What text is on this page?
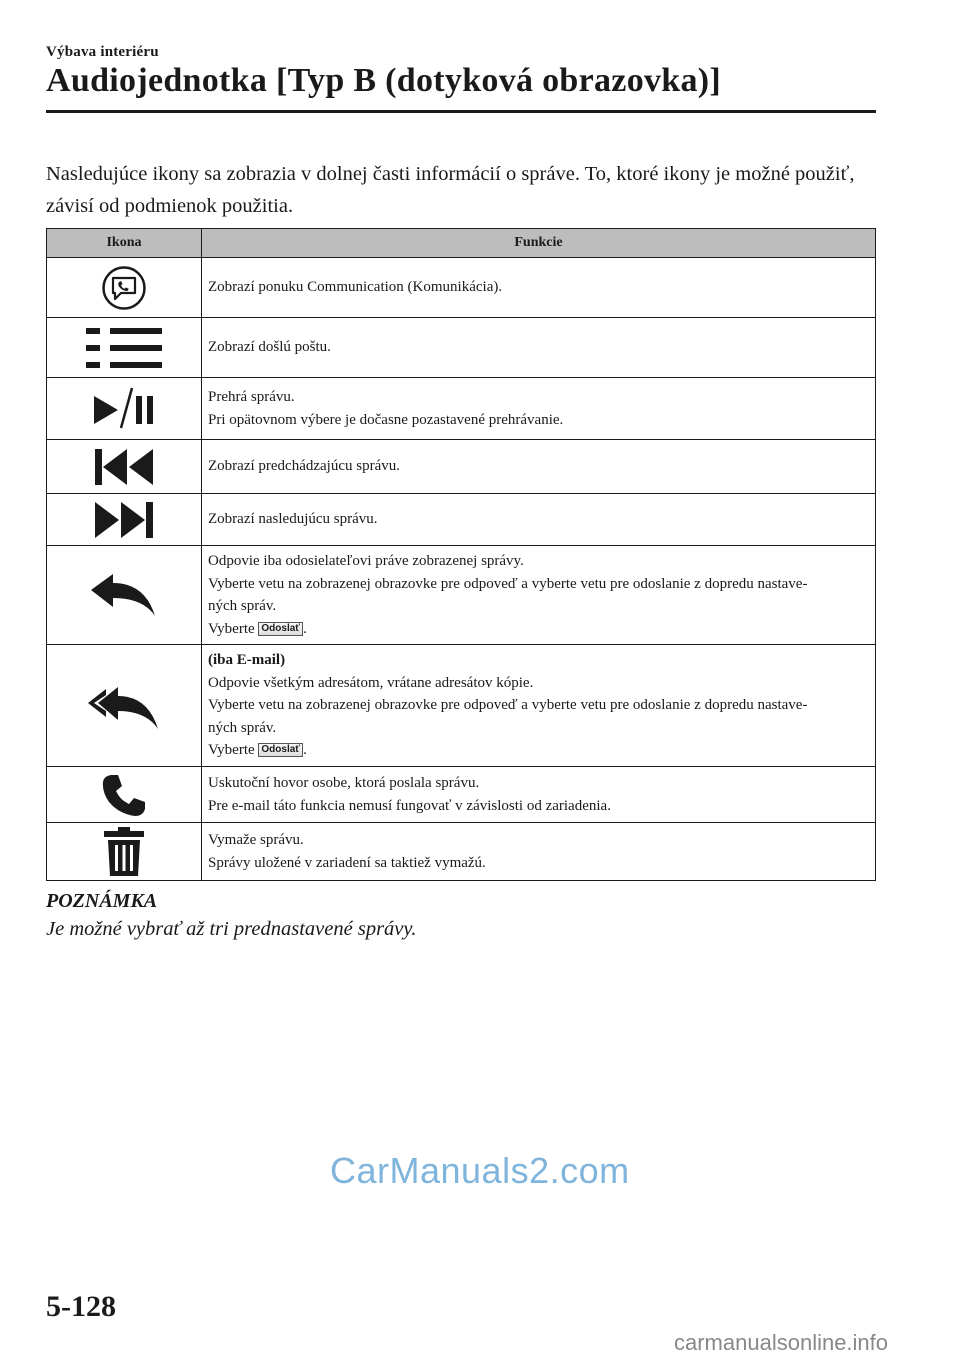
Výbava interiéru
Audiojednotka [Typ B (dotyková obrazovka)]
Nasledujúce ikony sa zobrazia v dolnej časti informácií o správe. To, ktoré ikony je možné použiť, závisí od podmienok použitia.
Ikona	Funkcie

Zobrazí ponuku Communication (Komunikácia).

Zobrazí došlú poštu.

Prehrá správu.
Pri opätovnom výbere je dočasne pozastavené prehrávanie.

Zobrazí predchádzajúcu správu.

Zobrazí nasledujúcu správu.

Odpovie iba odosielateľovi práve zobrazenej správy.
Vyberte vetu na zobrazenej obrazovke pre odpoveď a vyberte vetu pre odoslanie z dopredu nastave-
ných správ.
Vyberte Odoslať .

(iba E-mail)
Odpovie všetkým adresátom, vrátane adresátov kópie.
Vyberte vetu na zobrazenej obrazovke pre odpoveď a vyberte vetu pre odoslanie z dopredu nastave-
ných správ.
Vyberte Odoslať .

Uskutoční hovor osobe, ktorá poslala správu.
Pre e-mail táto funkcia nemusí fungovať v závislosti od zariadenia.

Vymaže správu.
Správy uložené v zariadení sa taktiež vymažú.
POZNÁMKA
Je možné vybrať až tri prednastavené správy.
CarManuals2.com
5-128
carmanualsonline.info
